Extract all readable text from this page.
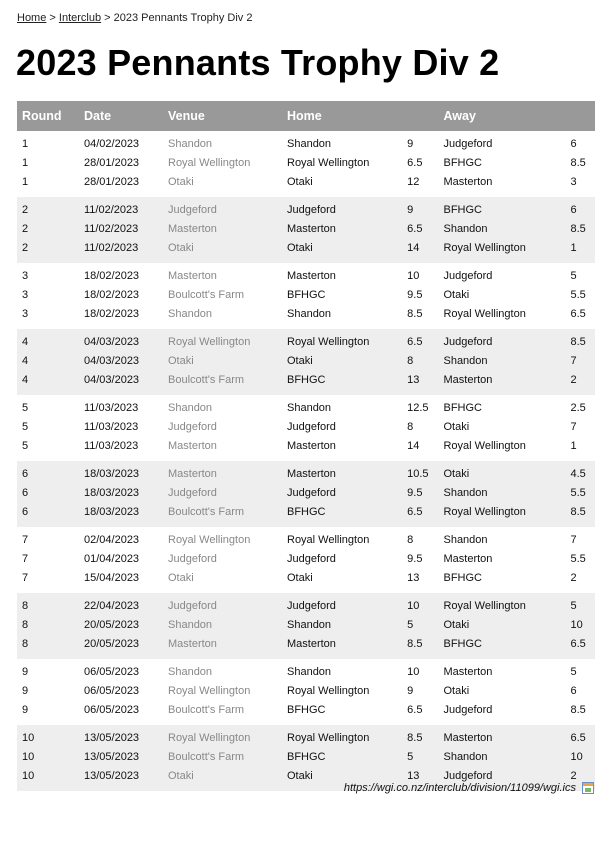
Home > Interclub > 2023 Pennants Trophy Div 2
2023 Pennants Trophy Div 2
Round	Date	Venue	Home		Away	
1	04/02/2023	Shandon	Shandon	9	Judgeford	6
1	28/01/2023	Royal Wellington	Royal Wellington	6.5	BFHGC	8.5
1	28/01/2023	Otaki	Otaki	12	Masterton	3
2	11/02/2023	Judgeford	Judgeford	9	BFHGC	6
2	11/02/2023	Masterton	Masterton	6.5	Shandon	8.5
2	11/02/2023	Otaki	Otaki	14	Royal Wellington	1
3	18/02/2023	Masterton	Masterton	10	Judgeford	5
3	18/02/2023	Boulcott's Farm	BFHGC	9.5	Otaki	5.5
3	18/02/2023	Shandon	Shandon	8.5	Royal Wellington	6.5
4	04/03/2023	Royal Wellington	Royal Wellington	6.5	Judgeford	8.5
4	04/03/2023	Otaki	Otaki	8	Shandon	7
4	04/03/2023	Boulcott's Farm	BFHGC	13	Masterton	2
5	11/03/2023	Shandon	Shandon	12.5	BFHGC	2.5
5	11/03/2023	Judgeford	Judgeford	8	Otaki	7
5	11/03/2023	Masterton	Masterton	14	Royal Wellington	1
6	18/03/2023	Masterton	Masterton	10.5	Otaki	4.5
6	18/03/2023	Judgeford	Judgeford	9.5	Shandon	5.5
6	18/03/2023	Boulcott's Farm	BFHGC	6.5	Royal Wellington	8.5
7	02/04/2023	Royal Wellington	Royal Wellington	8	Shandon	7
7	01/04/2023	Judgeford	Judgeford	9.5	Masterton	5.5
7	15/04/2023	Otaki	Otaki	13	BFHGC	2
8	22/04/2023	Judgeford	Judgeford	10	Royal Wellington	5
8	20/05/2023	Shandon	Shandon	5	Otaki	10
8	20/05/2023	Masterton	Masterton	8.5	BFHGC	6.5
9	06/05/2023	Shandon	Shandon	10	Masterton	5
9	06/05/2023	Royal Wellington	Royal Wellington	9	Otaki	6
9	06/05/2023	Boulcott's Farm	BFHGC	6.5	Judgeford	8.5
10	13/05/2023	Royal Wellington	Royal Wellington	8.5	Masterton	6.5
10	13/05/2023	Boulcott's Farm	BFHGC	5	Shandon	10
10	13/05/2023	Otaki	Otaki	13	Judgeford	2
https://wgi.co.nz/interclub/division/11099/wgi.ics
